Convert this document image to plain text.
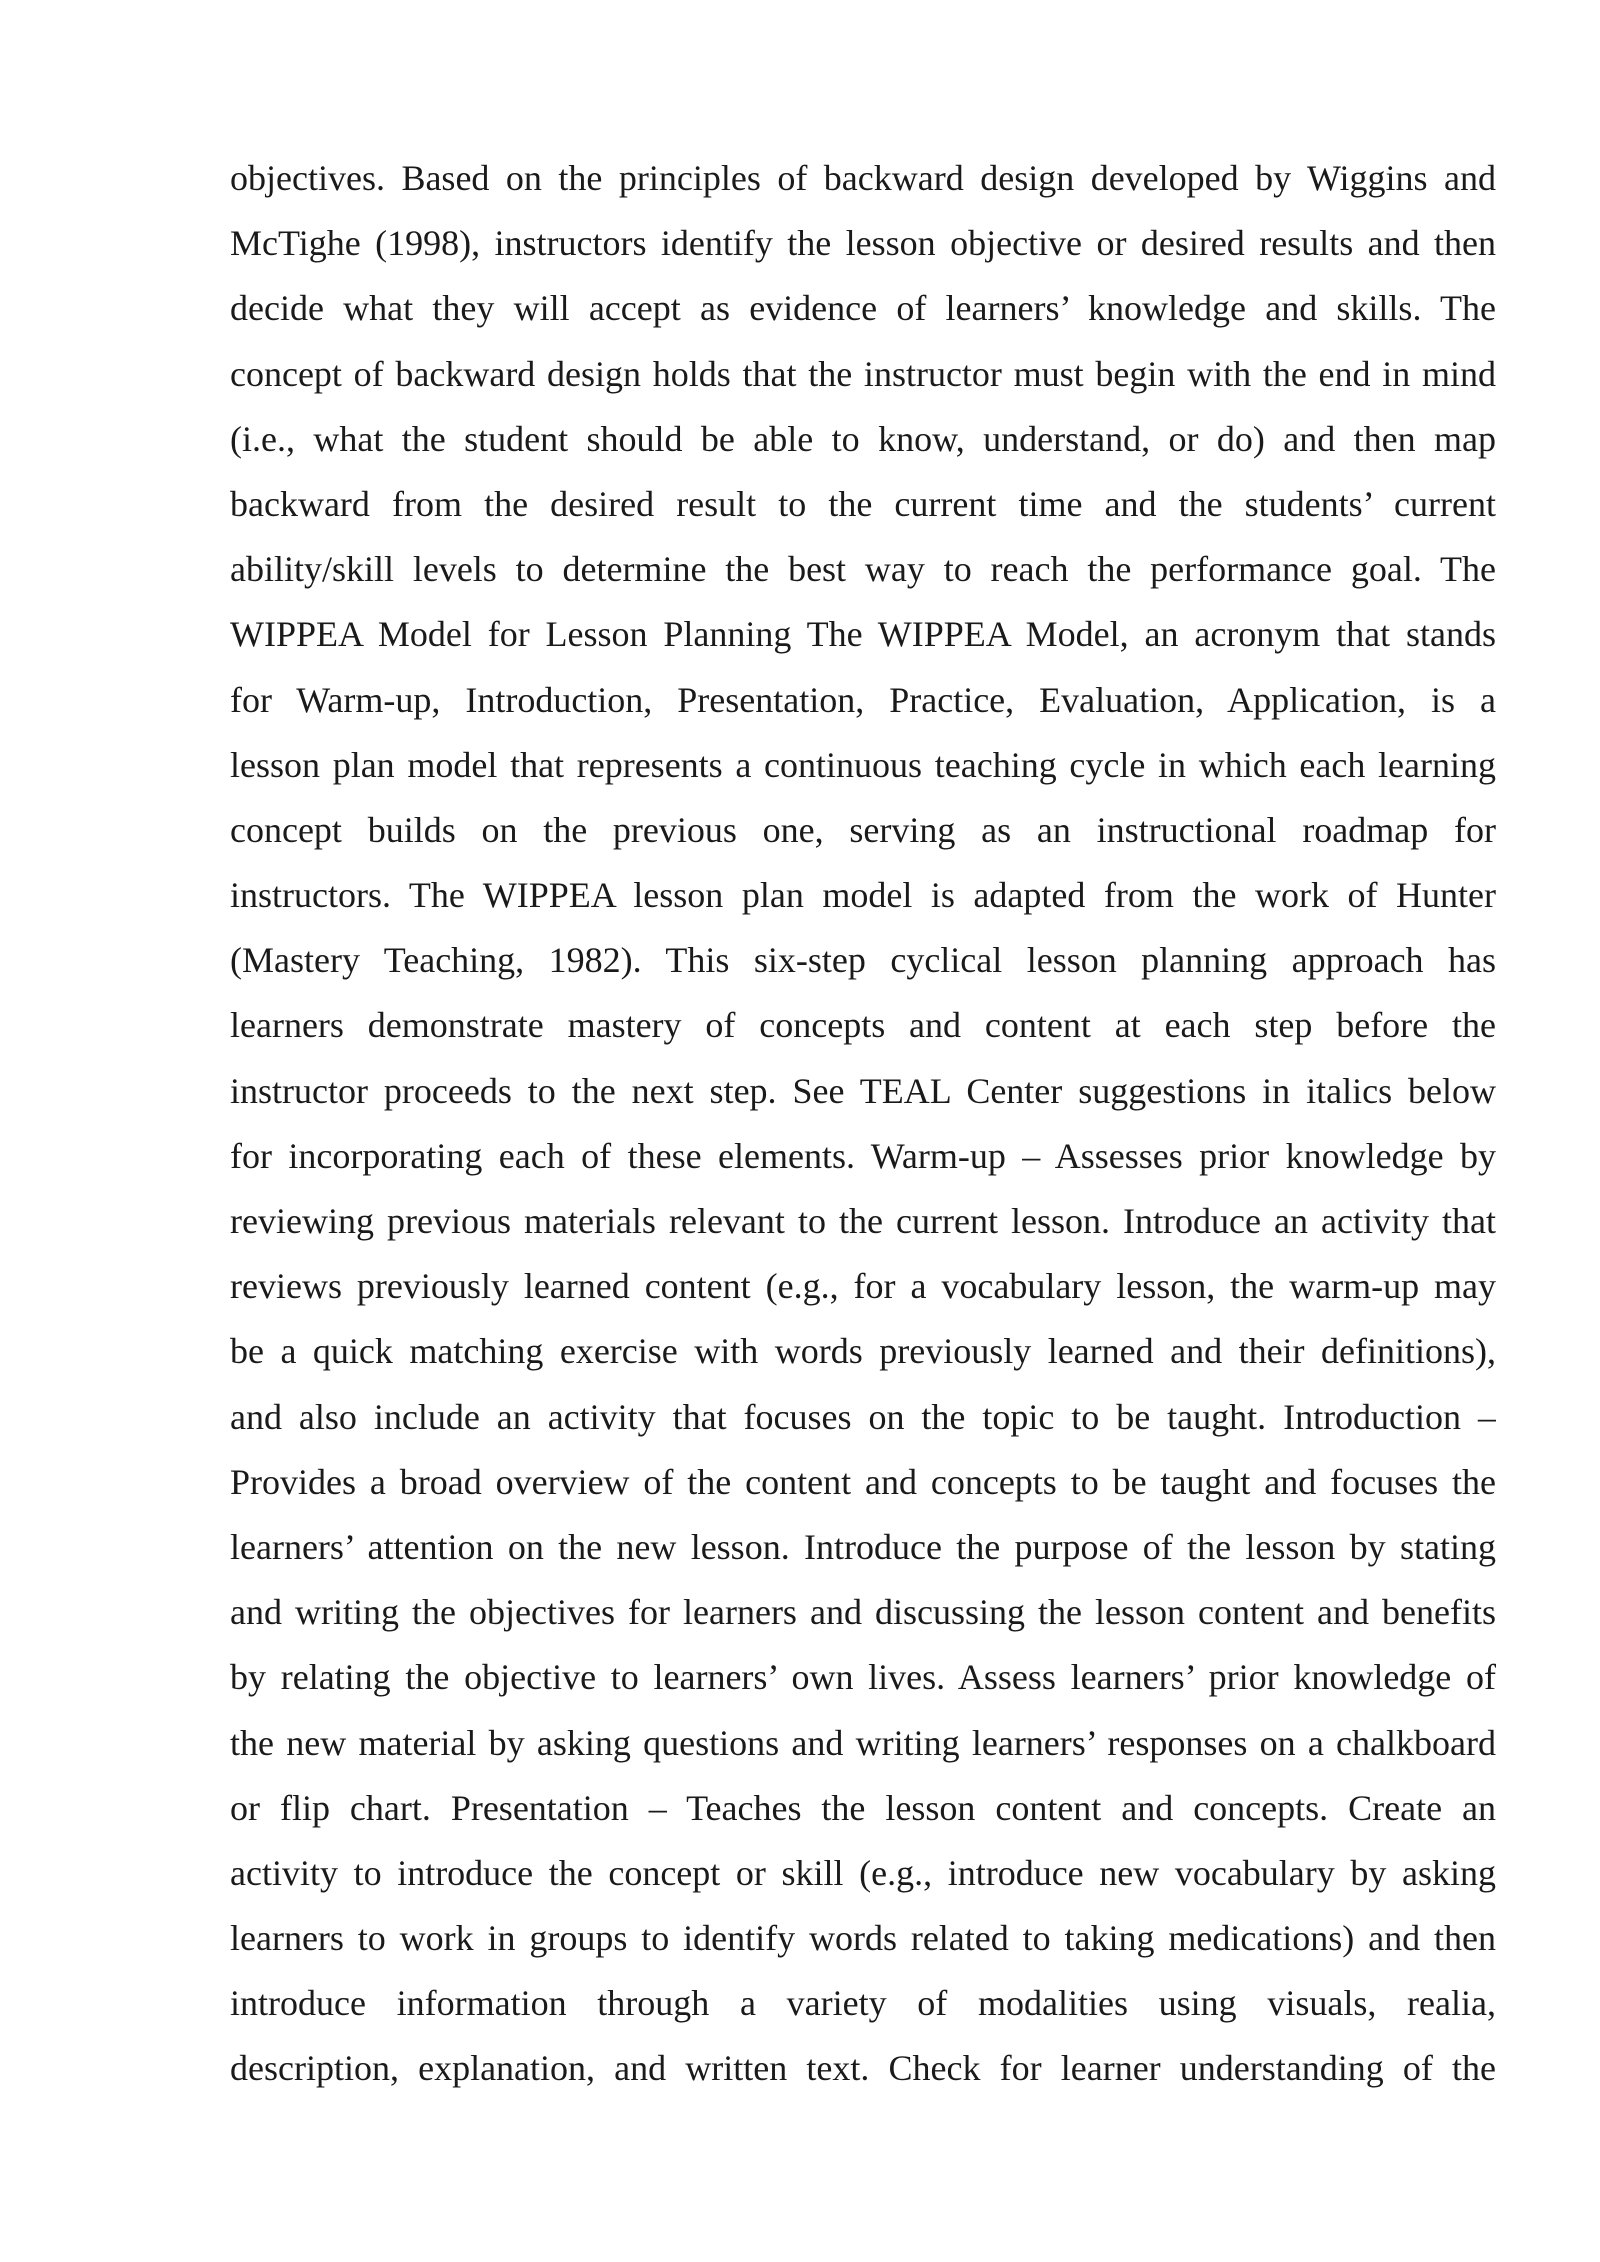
objectives. Based on the principles of backward design developed by Wiggins and
McTighe (1998), instructors identify the lesson objective or desired results and then
decide what they will accept as evidence of learners’ knowledge and skills. The
concept of backward design holds that the instructor must begin with the end in mind
(i.e., what the student should be able to know, understand, or do) and then map
backward from the desired result to the current time and the students’ current
ability/skill levels to determine the best way to reach the performance goal. The
WIPPEA Model for Lesson Planning The WIPPEA Model, an acronym that stands
for Warm-up, Introduction, Presentation, Practice, Evaluation, Application, is a
lesson plan model that represents a continuous teaching cycle in which each learning
concept builds on the previous one, serving as an instructional roadmap for
instructors. The WIPPEA lesson plan model is adapted from the work of Hunter
(Mastery Teaching, 1982). This six-step cyclical lesson planning approach has
learners demonstrate mastery of concepts and content at each step before the
instructor proceeds to the next step. See TEAL Center suggestions in italics below
for incorporating each of these elements. Warm-up – Assesses prior knowledge by
reviewing previous materials relevant to the current lesson. Introduce an activity that
reviews previously learned content (e.g., for a vocabulary lesson, the warm-up may
be a quick matching exercise with words previously learned and their definitions),
and also include an activity that focuses on the topic to be taught. Introduction –
Provides a broad overview of the content and concepts to be taught and focuses the
learners’ attention on the new lesson. Introduce the purpose of the lesson by stating
and writing the objectives for learners and discussing the lesson content and benefits
by relating the objective to learners’ own lives. Assess learners’ prior knowledge of
the new material by asking questions and writing learners’ responses on a chalkboard
or flip chart. Presentation – Teaches the lesson content and concepts. Create an
activity to introduce the concept or skill (e.g., introduce new vocabulary by asking
learners to work in groups to identify words related to taking medications) and then
introduce information through a variety of modalities using visuals, realia,
description, explanation, and written text. Check for learner understanding of the
